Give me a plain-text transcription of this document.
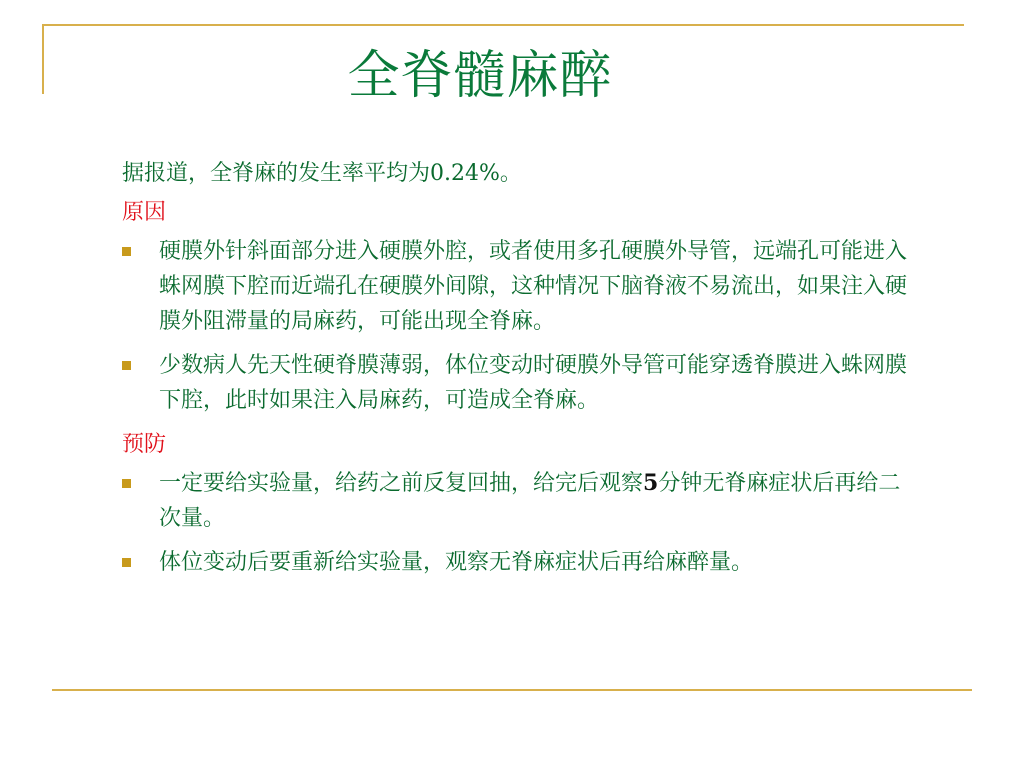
全脊髓麻醉
据报道，全脊麻的发生率平均为0.24%。
原因
硬膜外针斜面部分进入硬膜外腔，或者使用多孔硬膜外导管，远端孔可能进入蛛网膜下腔而近端孔在硬膜外间隙，这种情况下脑脊液不易流出，如果注入硬膜外阻滞量的局麻药，可能出现全脊麻。
少数病人先天性硬脊膜薄弱，体位变动时硬膜外导管可能穿透脊膜进入蛛网膜下腔，此时如果注入局麻药，可造成全脊麻。
预防
一定要给实验量，给药之前反复回抽，给完后观察5分钟无脊麻症状后再给二次量。
体位变动后要重新给实验量，观察无脊麻症状后再给麻醉量。
